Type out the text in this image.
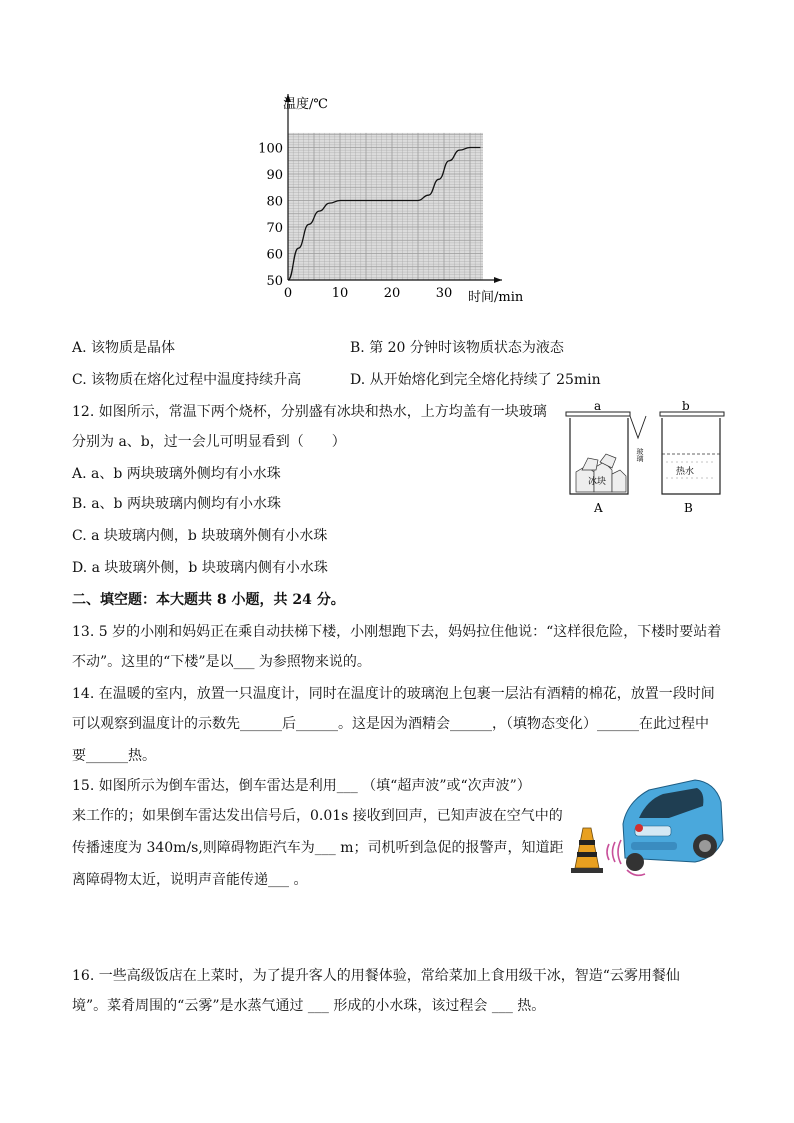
0	10	20	30
50
60
70
80
90
100
温度/℃
时间/min
A. 该物质是晶体	B. 第 20 分钟时该物质状态为液态
C. 该物质在熔化过程中温度持续升高	D. 从开始熔化到完全熔化持续了 25min
12. 如图所示，常温下两个烧杯，分别盛有冰块和热水，上方均盖有一块玻璃
分别为 a、b，过一会儿可明显看到（　　）
A. a、b 两块玻璃外侧均有小水珠
B. a、b 两块玻璃内侧均有小水珠
C. a 块玻璃内侧，b 块玻璃外侧有小水珠
D. a 块玻璃外侧，b 块玻璃内侧有小水珠
a	b
玻璃
冰块
A
热水
B
二、填空题：本大题共 8 小题，共 24 分。
13. 5 岁的小刚和妈妈正在乘自动扶梯下楼，小刚想跑下去，妈妈拉住他说：“这样很危险，下楼时要站着
不动”。这里的“下楼”是以___ 为参照物来说的。
14. 在温暖的室内，放置一只温度计，同时在温度计的玻璃泡上包裹一层沾有酒精的棉花，放置一段时间
可以观察到温度计的示数先______后______。这是因为酒精会______，（填物态变化）______在此过程中
要______热。
15. 如图所示为倒车雷达，倒车雷达是利用___ （填“超声波”或“次声波”）
来工作的；如果倒车雷达发出信号后，0.01s 接收到回声，已知声波在空气中的
传播速度为 340m/s,则障碍物距汽车为___ m；司机听到急促的报警声，知道距
离障碍物太近，说明声音能传递___ 。
16. 一些高级饭店在上菜时，为了提升客人的用餐体验，常给菜加上食用级干冰，智造“云雾用餐仙
境”。菜肴周围的“云雾”是水蒸气通过 ___ 形成的小水珠，该过程会 ___ 热。
